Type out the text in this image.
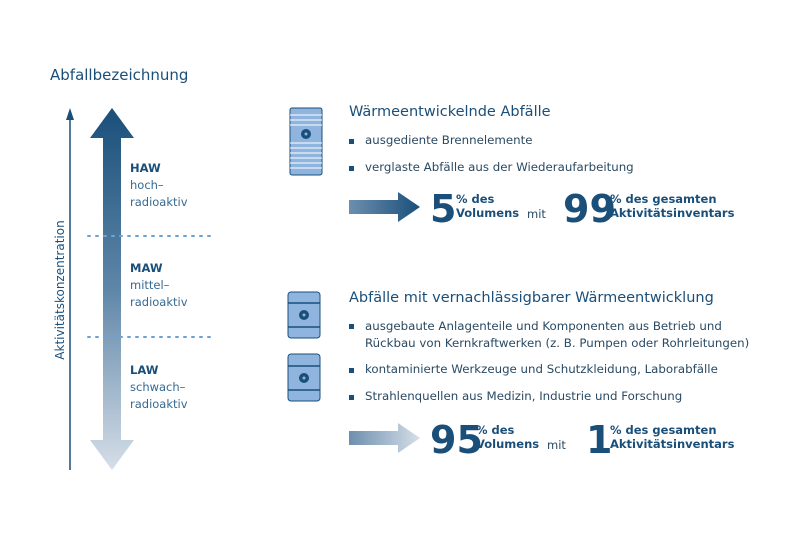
Abfallbezeichnung
Aktivitätskonzentration
HAW
hoch–
radioaktiv
MAW
mittel–
radioaktiv
LAW
schwach–
radioaktiv
Wärmeentwickelnde Abfälle
ausgediente Brennelemente
verglaste Abfälle aus der Wiederaufarbeitung
5 % des
Volumens mit 99
% des gesamten
Aktivitätsinventars
Abfälle mit vernachlässigbarer Wärmeentwicklung
ausgebaute Anlagenteile und Komponenten aus Betrieb und
Rückbau von Kernkraftwerken (z. B. Pumpen oder Rohrleitungen)
kontaminierte Werkzeuge und Schutzkleidung, Laborabfälle
Strahlenquellen aus Medizin, Industrie und Forschung
95
% des
Volumens mit 1
% des gesamten
Aktivitätsinventars
